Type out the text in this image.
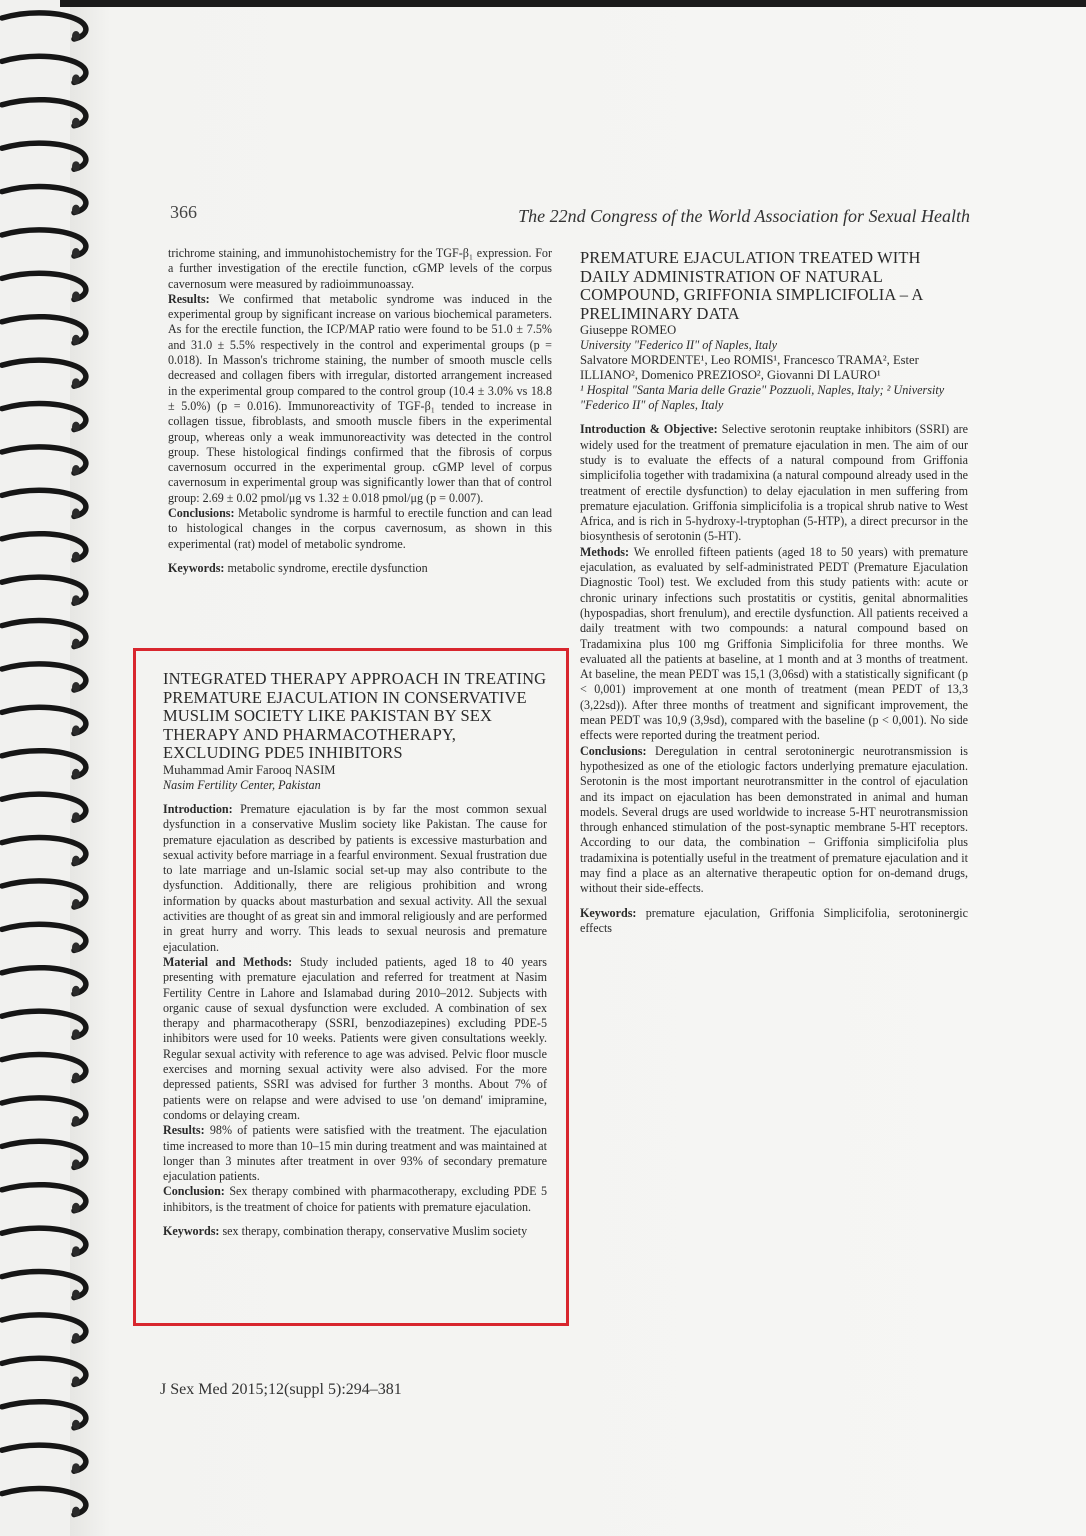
366	The 22nd Congress of the World Association for Sexual Health

trichrome staining, and immunohistochemistry for the TGF-β₁ expression. For a further investigation of the erectile function, cGMP levels of the corpus cavernosum were measured by radioimmunoassay.

Results: We confirmed that metabolic syndrome was induced in the experimental group by significant increase on various biochemical parameters. As for the erectile function, the ICP/MAP ratio were found to be 51.0 ± 7.5% and 31.0 ± 5.5% respectively in the control and experimental groups (p = 0.018). In Masson's trichrome staining, the number of smooth muscle cells decreased and collagen fibers with irregular, distorted arrangement increased in the experimental group compared to the control group (10.4 ± 3.0% vs 18.8 ± 5.0%) (p = 0.016). Immunoreactivity of TGF-β₁ tended to increase in collagen tissue, fibroblasts, and smooth muscle fibers in the experimental group, whereas only a weak immunoreactivity was detected in the control group. These histological findings confirmed that the fibrosis of corpus cavernosum occurred in the experimental group. cGMP level of corpus cavernosum in experimental group was significantly lower than that of control group: 2.69 ± 0.02 pmol/μg vs 1.32 ± 0.018 pmol/μg (p = 0.007).

Conclusions: Metabolic syndrome is harmful to erectile function and can lead to histological changes in the corpus cavernosum, as shown in this experimental (rat) model of metabolic syndrome.

Keywords: metabolic syndrome, erectile dysfunction

INTEGRATED THERAPY APPROACH IN TREATING PREMATURE EJACULATION IN CONSERVATIVE MUSLIM SOCIETY LIKE PAKISTAN BY SEX THERAPY AND PHARMACOTHERAPY, EXCLUDING PDE5 INHIBITORS

Muhammad Amir Farooq NASIM

Nasim Fertility Center, Pakistan

Introduction: Premature ejaculation is by far the most common sexual dysfunction in a conservative Muslim society like Pakistan. The cause for premature ejaculation as described by patients is excessive masturbation and sexual activity before marriage in a fearful environment. Sexual frustration due to late marriage and un-Islamic social set-up may also contribute to the dysfunction. Additionally, there are religious prohibition and wrong information by quacks about masturbation and sexual activity. All the sexual activities are thought of as great sin and immoral religiously and are performed in great hurry and worry. This leads to sexual neurosis and premature ejaculation.

Material and Methods: Study included patients, aged 18 to 40 years presenting with premature ejaculation and referred for treatment at Nasim Fertility Centre in Lahore and Islamabad during 2010–2012. Subjects with organic cause of sexual dysfunction were excluded. A combination of sex therapy and pharmacotherapy (SSRI, benzodiazepines) excluding PDE-5 inhibitors were used for 10 weeks. Patients were given consultations weekly. Regular sexual activity with reference to age was advised. Pelvic floor muscle exercises and morning sexual activity were also advised. For the more depressed patients, SSRI was advised for further 3 months. About 7% of patients were on relapse and were advised to use 'on demand' imipramine, condoms or delaying cream.

Results: 98% of patients were satisfied with the treatment. The ejaculation time increased to more than 10–15 min during treatment and was maintained at longer than 3 minutes after treatment in over 93% of secondary premature ejaculation patients.

Conclusion: Sex therapy combined with pharmacotherapy, excluding PDE 5 inhibitors, is the treatment of choice for patients with premature ejaculation.

Keywords: sex therapy, combination therapy, conservative Muslim society

PREMATURE EJACULATION TREATED WITH DAILY ADMINISTRATION OF NATURAL COMPOUND, GRIFFONIA SIMPLICIFOLIA – A PRELIMINARY DATA

Giuseppe ROMEO

University "Federico II" of Naples, Italy

Salvatore MORDENTE¹, Leo ROMIS¹, Francesco TRAMA², Ester ILLIANO², Domenico PREZIOSO², Giovanni DI LAURO¹

¹ Hospital "Santa Maria delle Grazie" Pozzuoli, Naples, Italy; ² University "Federico II" of Naples, Italy

Introduction & Objective: Selective serotonin reuptake inhibitors (SSRI) are widely used for the treatment of premature ejaculation in men. The aim of our study is to evaluate the effects of a natural compound from Griffonia simplicifolia together with tradamixina (a natural compound already used in the treatment of erectile dysfunction) to delay ejaculation in men suffering from premature ejaculation. Griffonia simplicifolia is a tropical shrub native to West Africa, and is rich in 5-hydroxy-l-tryptophan (5-HTP), a direct precursor in the biosynthesis of serotonin (5-HT).

Methods: We enrolled fifteen patients (aged 18 to 50 years) with premature ejaculation, as evaluated by self-administrated PEDT (Premature Ejaculation Diagnostic Tool) test. We excluded from this study patients with: acute or chronic urinary infections such prostatitis or cystitis, genital abnormalities (hypospadias, short frenulum), and erectile dysfunction. All patients received a daily treatment with two compounds: a natural compound based on Tradamixina plus 100 mg Griffonia Simplicifolia for three months. We evaluated all the patients at baseline, at 1 month and at 3 months of treatment. At baseline, the mean PEDT was 15,1 (3,06sd) with a statistically significant (p < 0,001) improvement at one month of treatment (mean PEDT of 13,3 (3,22sd)). After three months of treatment and significant improvement, the mean PEDT was 10,9 (3,9sd), compared with the baseline (p < 0,001). No side effects were reported during the treatment period.

Conclusions: Deregulation in central serotoninergic neurotransmission is hypothesized as one of the etiologic factors underlying premature ejaculation. Serotonin is the most important neurotransmitter in the control of ejaculation and its impact on ejaculation has been demonstrated in animal and human models. Several drugs are used worldwide to increase 5-HT neurotransmission through enhanced stimulation of the post-synaptic membrane 5-HT receptors. According to our data, the combination – Griffonia simplicifolia plus tradamixina is potentially useful in the treatment of premature ejaculation and it may find a place as an alternative therapeutic option for on-demand drugs, without their side-effects.

Keywords: premature ejaculation, Griffonia Simplicifolia, serotoninergic effects

J Sex Med 2015;12(suppl 5):294–381
